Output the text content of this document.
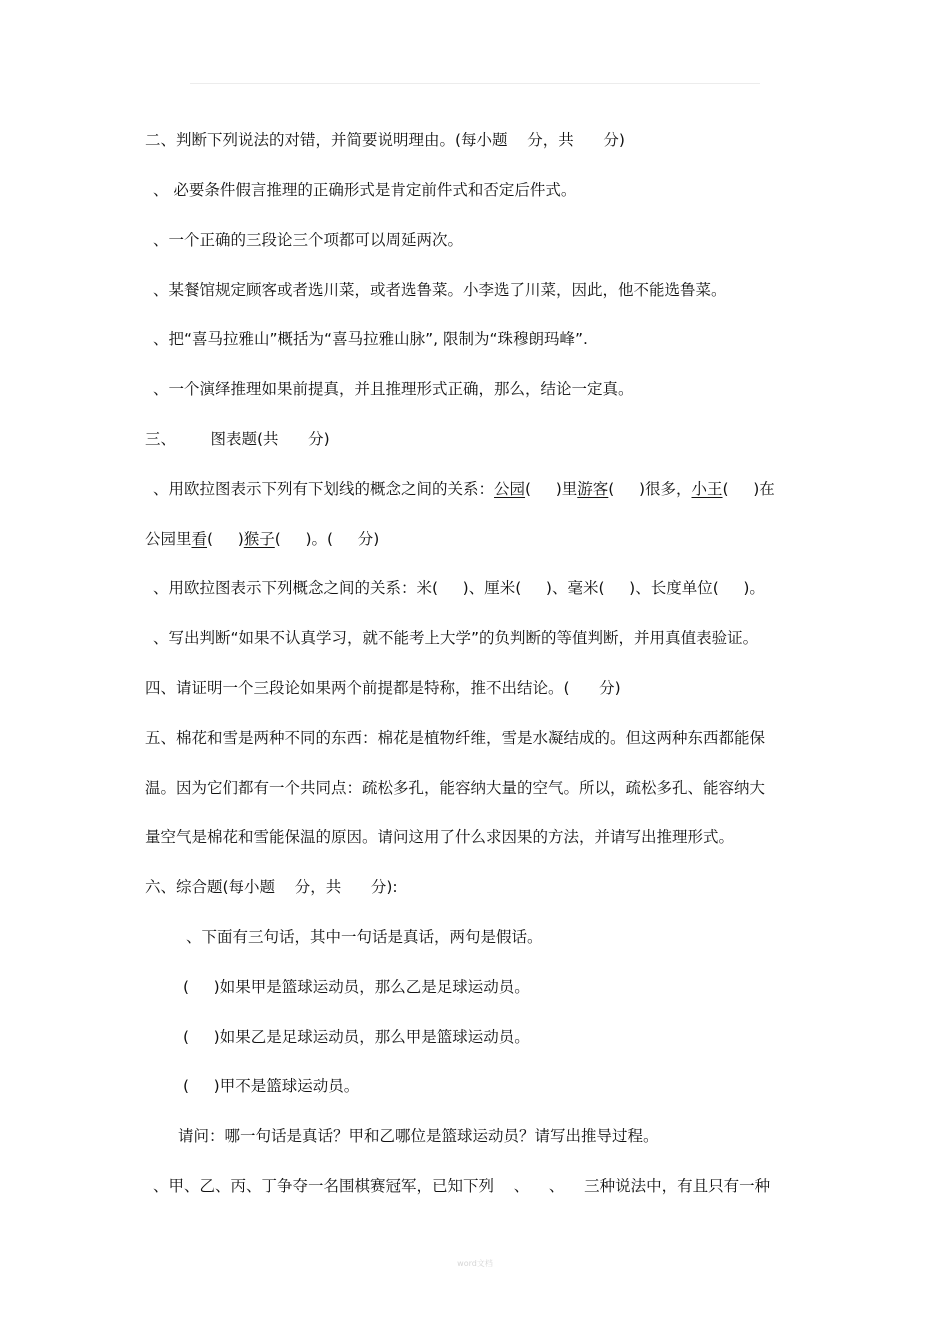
二、判断下列说法的对错，并简要说明理由。(每小题    分，共      分)
、 必要条件假言推理的正确形式是肯定前件式和否定后件式。
、一个正确的三段论三个项都可以周延两次。
、某餐馆规定顾客或者选川菜，或者选鲁菜。小李选了川菜，因此，他不能选鲁菜。
、把“喜马拉雅山”概括为“喜马拉雅山脉”, 限制为“珠穆朗玛峰”.
、一个演绎推理如果前提真，并且推理形式正确，那么，结论一定真。
三、       图表题(共      分)
、用欧拉图表示下列有下划线的概念之间的关系：公园(     )里游客(     )很多，小王(     )在
公园里看(     )猴子(     )。(     分)
、用欧拉图表示下列概念之间的关系：米(     )、厘米(     )、毫米(     )、长度单位(     )。
、写出判断“如果不认真学习，就不能考上大学”的负判断的等值判断，并用真值表验证。
四、请证明一个三段论如果两个前提都是特称，推不出结论。(      分)
五、棉花和雪是两种不同的东西：棉花是植物纤维，雪是水凝结成的。但这两种东西都能保
温。因为它们都有一个共同点：疏松多孔，能容纳大量的空气。所以，疏松多孔、能容纳大
量空气是棉花和雪能保温的原因。请问这用了什么求因果的方法，并请写出推理形式。
六、综合题(每小题    分，共      分):
、下面有三句话，其中一句话是真话，两句是假话。
(     )如果甲是篮球运动员，那么乙是足球运动员。
(     )如果乙是足球运动员，那么甲是篮球运动员。
(     )甲不是篮球运动员。
请问：哪一句话是真话？甲和乙哪位是篮球运动员？请写出推导过程。
、甲、乙、丙、丁争夺一名围棋赛冠军，已知下列    、    、    三种说法中，有且只有一种
word文档
